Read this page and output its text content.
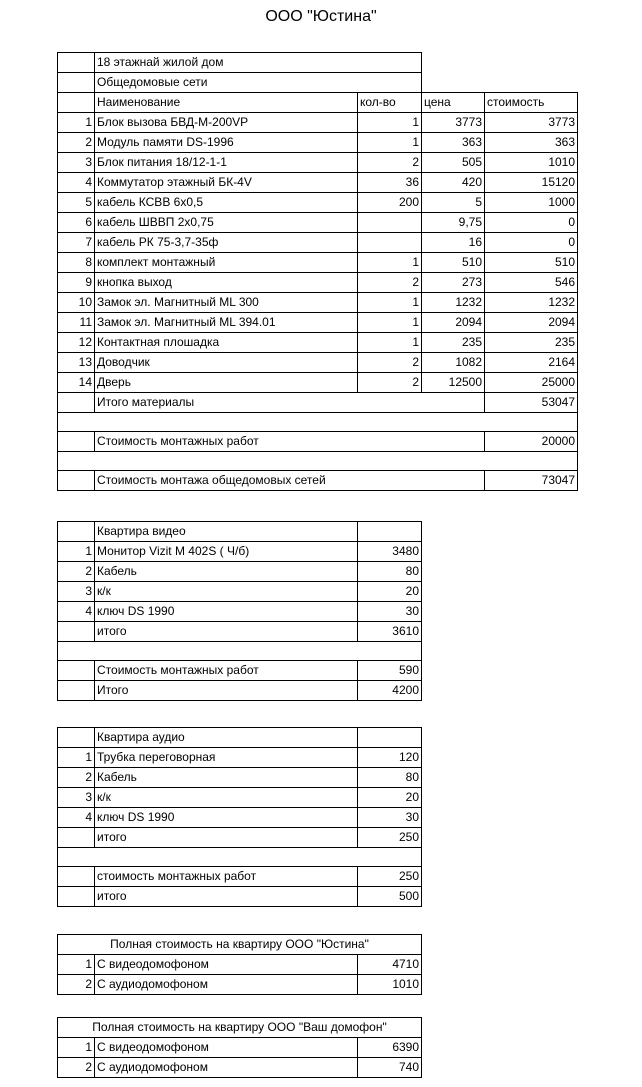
ООО "Юстина"
	18 этажнай жилой дом			
	Общедомовые сети			
	Наименование	кол-во	цена	стоимость
1	Блок вызова БВД-М-200VP	1	3773	3773
2	Модуль памяти DS-1996	1	363	363
3	Блок питания 18/12-1-1	2	505	1010
4	Коммутатор этажный БК-4V	36	420	15120
5	кабель КСВВ 6х0,5	200	5	1000
6	кабель ШВВП 2х0,75		9,75	0
7	кабель РК 75-3,7-35ф		16	0
8	комплект монтажный	1	510	510
9	кнопка выход	2	273	546
10	Замок эл. Магнитный ML 300	1	1232	1232
11	Замок эл. Магнитный ML 394.01	1	2094	2094
12	Контактная плошадка	1	235	235
13	Доводчик	2	1082	2164
14	Дверь	2	12500	25000
	Итого материалы			53047

	Стоимость монтажных работ			20000

	Стоимость монтажа общедомовых сетей			73047
	Квартира видео	
1	Монитор Vizit M 402S ( Ч/б)	3480
2	Кабель	80
3	к/к	20
4	ключ DS 1990	30
	итого	3610

	Стоимость монтажных работ	590
	Итого	4200
	Квартира аудио	
1	Трубка переговорная	120
2	Кабель	80
3	к/к	20
4	ключ DS 1990	30
	итого	250

	стоимость монтажных работ	250
	итого	500
Полная стоимость на квартиру ООО "Юстина"		
1	С видеодомофоном	4710
2	С аудиодомофоном	1010
Полная стоимость на квартиру ООО "Ваш домофон"		
1	С видеодомофоном	6390
2	С аудиодомофоном	740
